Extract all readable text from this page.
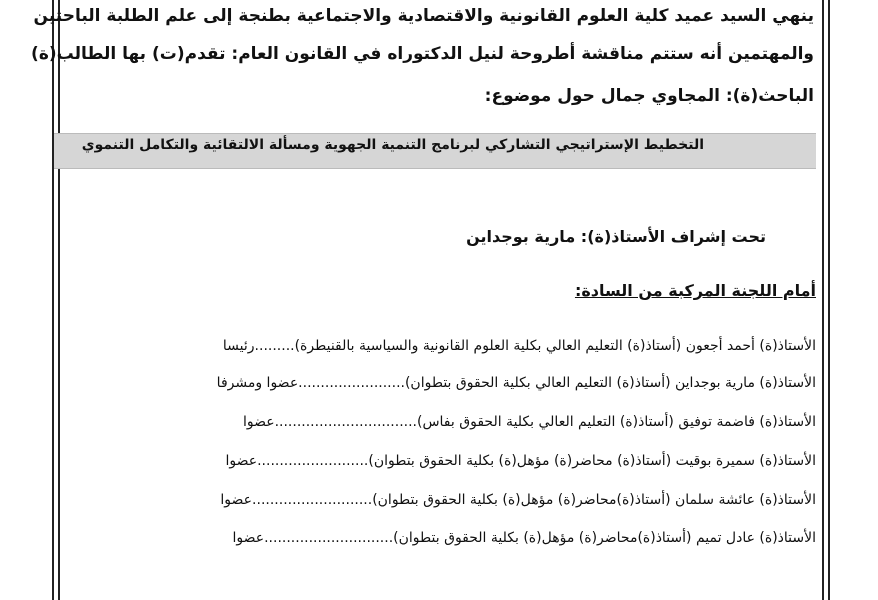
ينهي السيد عميد كلية العلوم القانونية والاقتصادية والاجتماعية بطنجة إلى علم الطلبة الباحثين
والمهتمين أنه ستتم مناقشة أطروحة لنيل الدكتوراه في القانون العام: تقدم(ت) بها الطالب(ة)
الباحث(ة): المجاوي جمال حول موضوع:
التخطيط الإستراتيجي التشاركي لبرنامج التنمية الجهوية ومسألة الالتقائية والتكامل التنموي
تحت إشراف الأستاذ(ة): مارية بوجداين
أمام اللجنة المركبة من السادة:
الأستاذ(ة) أحمد أجعون (أستاذ(ة) التعليم العالي بكلية العلوم القانونية والسياسية بالقنيطرة).........رئيسا
الأستاذ(ة) مارية بوجداين (أستاذ(ة) التعليم العالي بكلية الحقوق بتطوان)........................عضوا ومشرفا
الأستاذ(ة) فاضمة توفيق (أستاذ(ة) التعليم العالي بكلية الحقوق بفاس)................................عضوا
الأستاذ(ة) سميرة بوقيت (أستاذ(ة) محاضر(ة) مؤهل(ة) بكلية الحقوق بتطوان).........................عضوا
الأستاذ(ة) عائشة سلمان (أستاذ(ة)محاضر(ة) مؤهل(ة) بكلية الحقوق بتطوان)...........................عضوا
الأستاذ(ة) عادل تميم (أستاذ(ة)محاضر(ة) مؤهل(ة) بكلية الحقوق بتطوان).............................عضوا
